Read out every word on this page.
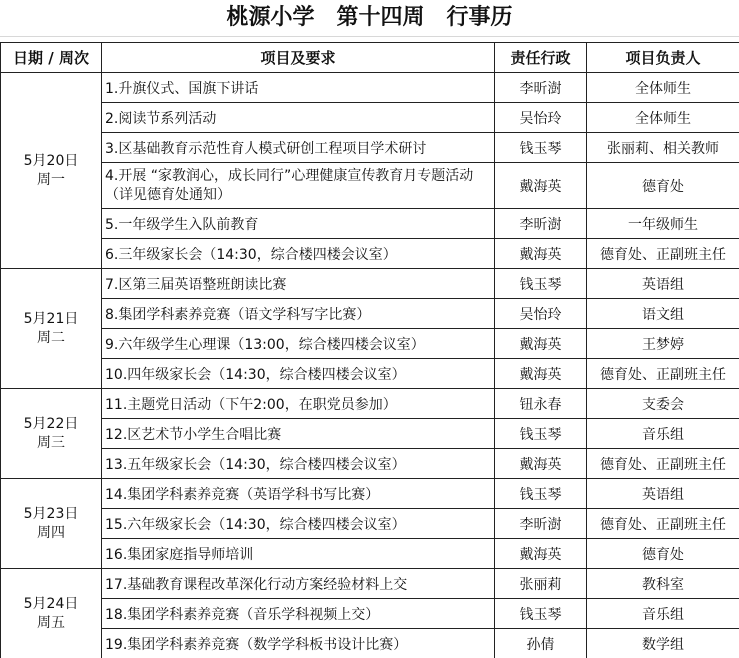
桃源小学　第十四周　行事历
日期 / 周次	项目及要求	责任行政	项目负责人

5月20日
周一	1.升旗仪式、国旗下讲话	李昕澍	全体师生
	2.阅读节系列活动	吴怡玲	全体师生
	3.区基础教育示范性育人模式研创工程项目学术研讨	钱玉琴	张丽莉、相关教师
	4.开展 “家教润心，成长同行”心理健康宣传教育月专题活动（详见德育处通知）	戴海英	德育处
	5.一年级学生入队前教育	李昕澍	一年级师生
	6.三年级家长会（14:30，综合楼四楼会议室）	戴海英	德育处、正副班主任

5月21日
周二	7.区第三届英语整班朗读比赛	钱玉琴	英语组
	8.集团学科素养竞赛（语文学科写字比赛）	吴怡玲	语文组
	9.六年级学生心理课（13:00，综合楼四楼会议室）	戴海英	王梦婷
	10.四年级家长会（14:30，综合楼四楼会议室）	戴海英	德育处、正副班主任

5月22日
周三	11.主题党日活动（下午2:00，在职党员参加）	钮永春	支委会
	12.区艺术节小学生合唱比赛	钱玉琴	音乐组
	13.五年级家长会（14:30，综合楼四楼会议室）	戴海英	德育处、正副班主任

5月23日
周四	14.集团学科素养竞赛（英语学科书写比赛）	钱玉琴	英语组
	15.六年级家长会（14:30，综合楼四楼会议室）	李昕澍	德育处、正副班主任
	16.集团家庭指导师培训	戴海英	德育处

5月24日
周五	17.基础教育课程改革深化行动方案经验材料上交	张丽莉	教科室
	18.集团学科素养竞赛（音乐学科视频上交）	钱玉琴	音乐组
	19.集团学科素养竞赛（数学学科板书设计比赛）	孙倩	数学组
